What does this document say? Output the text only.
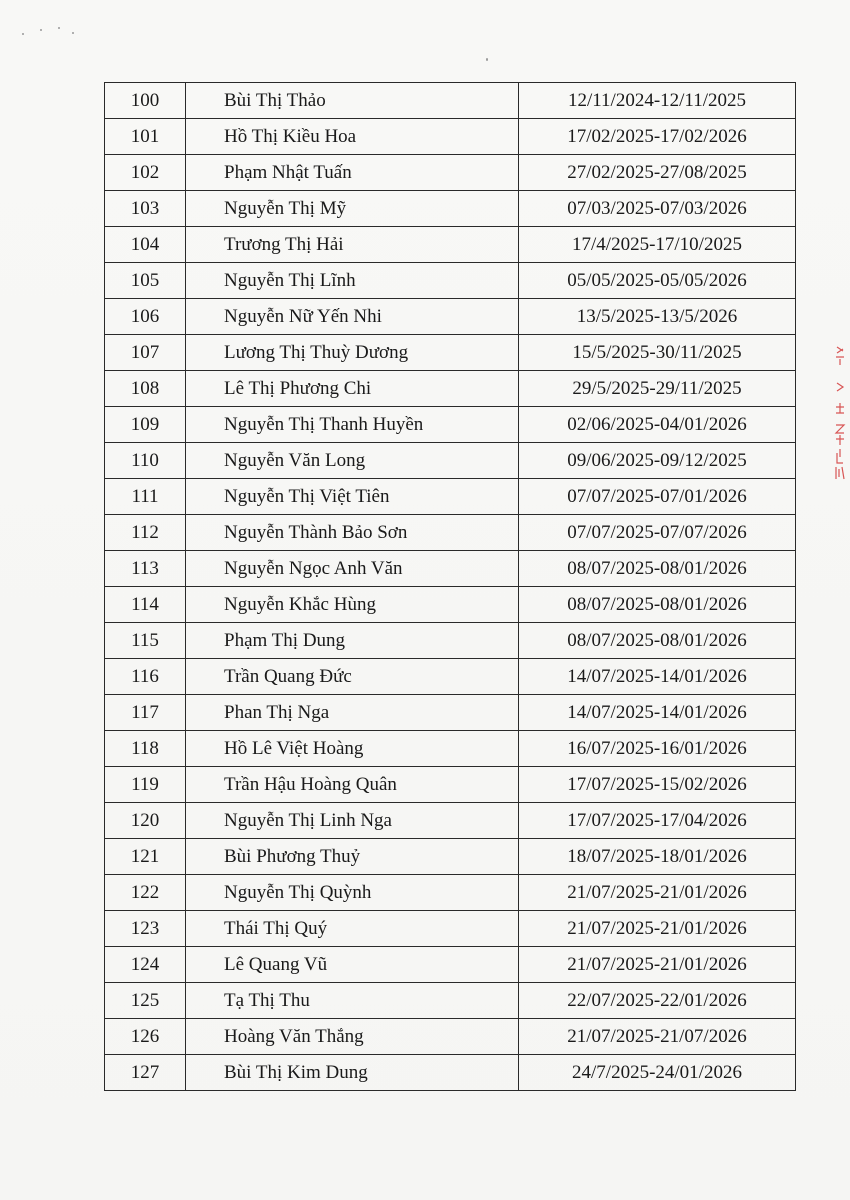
100	Bùi Thị Thảo	12/11/2024-12/11/2025
101	Hồ Thị Kiều Hoa	17/02/2025-17/02/2026
102	Phạm Nhật Tuấn	27/02/2025-27/08/2025
103	Nguyễn Thị Mỹ	07/03/2025-07/03/2026
104	Trương Thị Hải	17/4/2025-17/10/2025
105	Nguyễn Thị Lĩnh	05/05/2025-05/05/2026
106	Nguyễn Nữ Yến Nhi	13/5/2025-13/5/2026
107	Lương Thị Thuỳ Dương	15/5/2025-30/11/2025
108	Lê Thị Phương Chi	29/5/2025-29/11/2025
109	Nguyễn Thị Thanh Huyền	02/06/2025-04/01/2026
110	Nguyễn Văn Long	09/06/2025-09/12/2025
111	Nguyễn Thị Việt Tiên	07/07/2025-07/01/2026
112	Nguyễn Thành Bảo Sơn	07/07/2025-07/07/2026
113	Nguyễn Ngọc Anh Văn	08/07/2025-08/01/2026
114	Nguyễn Khắc Hùng	08/07/2025-08/01/2026
115	Phạm Thị Dung	08/07/2025-08/01/2026
116	Trần Quang Đức	14/07/2025-14/01/2026
117	Phan Thị Nga	14/07/2025-14/01/2026
118	Hồ Lê Việt Hoàng	16/07/2025-16/01/2026
119	Trần Hậu Hoàng Quân	17/07/2025-15/02/2026
120	Nguyễn Thị Linh Nga	17/07/2025-17/04/2026
121	Bùi Phương Thuỷ	18/07/2025-18/01/2026
122	Nguyễn Thị Quỳnh	21/07/2025-21/01/2026
123	Thái Thị Quý	21/07/2025-21/01/2026
124	Lê Quang Vũ	21/07/2025-21/01/2026
125	Tạ Thị Thu	22/07/2025-22/01/2026
126	Hoàng Văn Thắng	21/07/2025-21/07/2026
127	Bùi Thị Kim Dung	24/7/2025-24/01/2026
